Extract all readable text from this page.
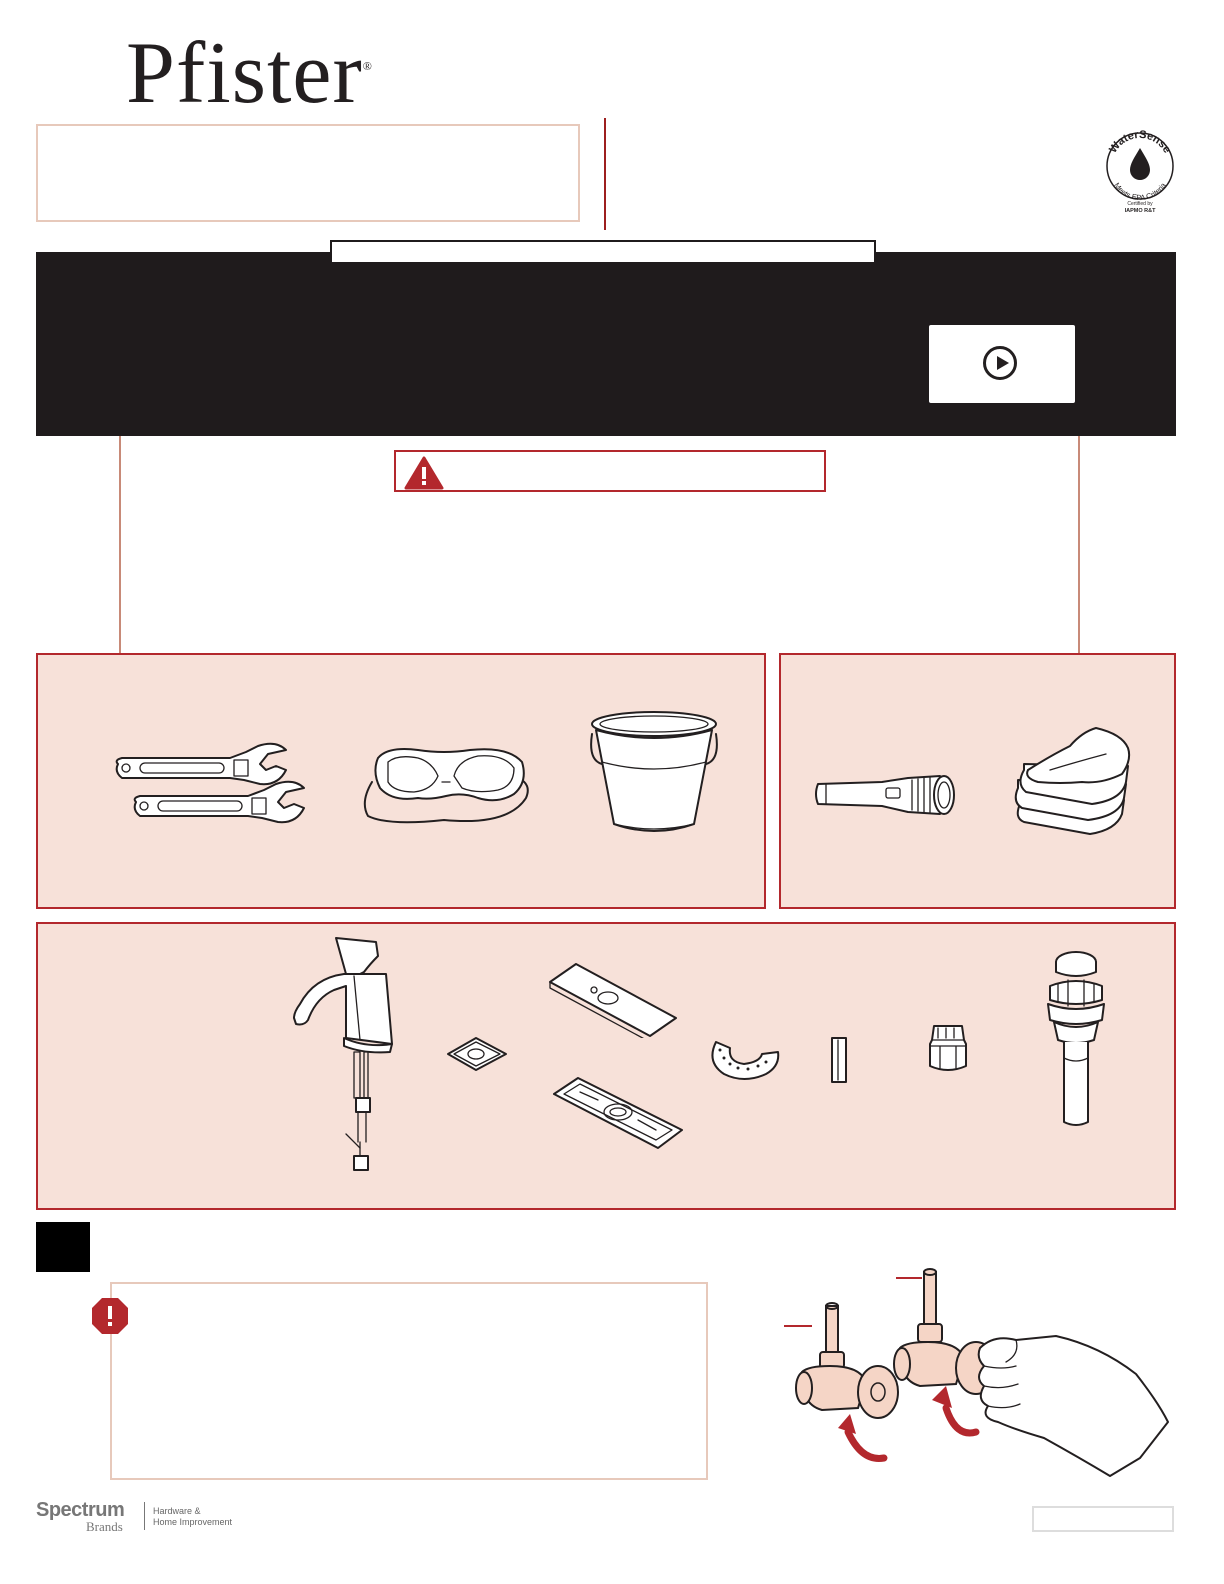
Pfister®
WaterSense
Meets EPA Criteria
Certified by
IAPMO R&T
Spectrum
Brands
Hardware &
Home Improvement
